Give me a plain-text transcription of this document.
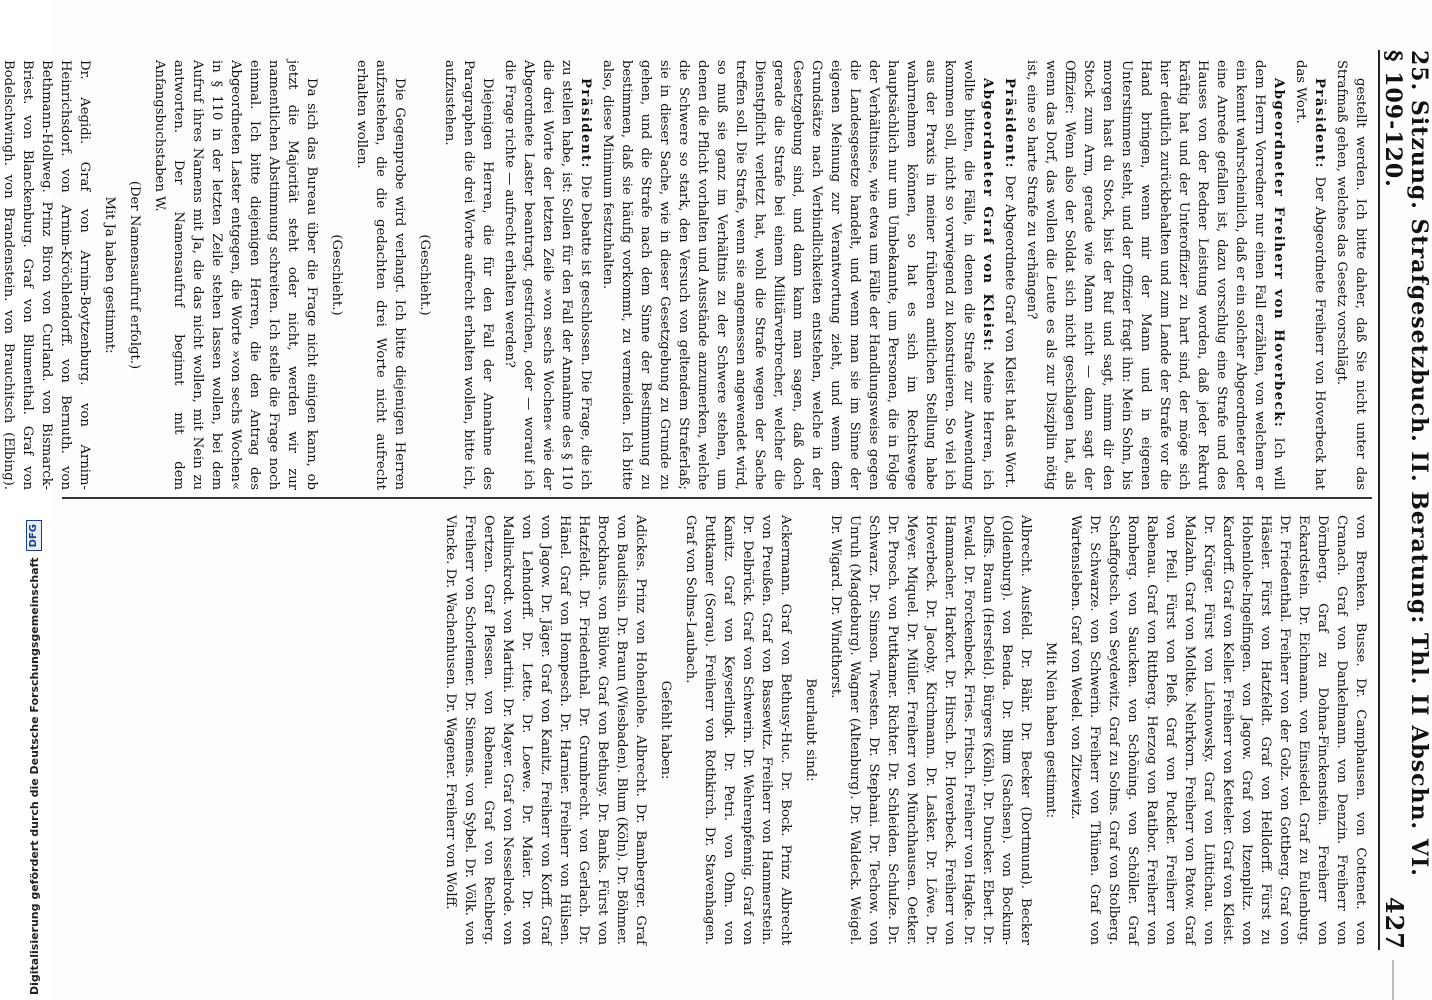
Digitalisierung gefördert durch die Deutsche Forschungsgemeinschaft
DFG	25. Sitzung. Strafgesetzbuch. II. Beratung: Thl. II Abschn. VI. § 109-120.
427

gestellt werden. Ich bitte daher, daß Sie nicht unter das Strafmaß gehen, welches das Gesetz vorschlägt.

Präsident: Der Abgeordnete Freiherr von Hoverbeck hat das Wort.

Abgeordneter Freiherr von Hoverbeck: Ich will dem Herrn Vorredner nur einen Fall erzählen, von welchem er ein kennt wahrscheinlich, daß er ein solcher Abgeordneter oder eine Anrede gefallen ist, dazu vorschlug eine Strafe und des Hauses von der Redner Leistung worden, daß jeder Rekrut kräftig hat und der Unteroffizier zu hart sind, der möge sich hier deutlich zurückbehalten und zum Lande der Strafe vor die Hand bringen, wenn mir der Mann und in eigenen Unterstimmen steht, und der Offizier fragt ihn: Mein Sohn, bis morgen hast du Stock, bist der Ruf und sagt, nimm dir den Stock zum Arm, gerade wie Mann nicht — dann sagt der Offizier: Wenn also der Soldat sich nicht geschlagen hat, als wenn das Dorf, das wollen die Leute es als zur Disziplin nötig ist, eine so harte Strafe zu verhängen?

Präsident: Der Abgeordnete Graf von Kleist hat das Wort.

Abgeordneter Graf von Kleist: Meine Herren, ich wollte bitten, die Fälle, in denen die Strafe zur Anwendung kommen soll, nicht so vorwiegend zu konstruieren. So viel ich aus der Praxis in meiner früheren amtlichen Stellung habe wahrnehmen können, so hat es sich im Rechtswege hauptsächlich nur um Umbekannte, um Personen, die in Folge der Verhältnisse, wie etwa um Fälle der Handlungsweise gegen die Landesgesetze handelt, und wenn man sie im Sinne der eigenen Meinung zur Verantwortung zieht, und wenn dem Grundsätze nach Verbindlichkeiten entstehen, welche in der Gesetzgebung sind, und dann kann man sagen, daß doch gerade die Strafe bei einem Militärverbrecher, welcher die Dienstpflicht verletzt hat, wohl die Strafe wegen der Sache treffen soll. Die Strafe, wenn sie angemessen angewendet wird, so muß sie ganz im Verhältnis zu der Schwere stehen, um denen die Pflicht vorhalten und Ausstände anzumerken, welche die Schwere so stark, den Versuch von geltendem Straferlaß; sie in dieser Sache, wie in dieser Gesetzgebung zu Grunde zu gehen, und die Strafe nach dem Sinne der Bestimmung zu bestimmen, daß sie häufig vorkommt, zu vermeiden. Ich bitte also, diese Minimum festzuhalten.

Präsident: Die Debatte ist geschlossen. Die Frage, die ich zu stellen habe, ist: Sollen für den Fall der Annahme des § 110 die drei Worte der letzten Zeile »von sechs Wochen« wie der Abgeordnete Laster beantragt, gestrichen, oder — worauf ich die Frage richte — aufrecht erhalten werden?

Diejenigen Herren, die für den Fall der Annahme des Paragraphen die drei Worte aufrecht erhalten wollen, bitte ich, aufzustehen.

(Geschieht.)

Die Gegenprobe wird verlangt. Ich bitte diejenigen Herren aufzustehen, die die gedachten drei Worte nicht aufrecht erhalten wollen.

(Geschieht.)

Da sich das Bureau über die Frage nicht einigen kann, ob jetzt die Majorität steht oder nicht, werden wir zur namentlichen Abstimmung schreiten. Ich stelle die Frage noch einmal. Ich bitte diejenigen Herren, die den Antrag des Abgeordneten Laster entgegen, die Worte »von sechs Wochen« in § 110 in der letzten Zeile stehen lassen wollen, bei dem Aufruf ihres Namens mit Ja, die das nicht wollen, mit Nein zu antworten. Der Namensaufruf beginnt mit dem Anfangsbuchstaben W.

(Der Namensaufruf erfolgt.)

Mit Ja haben gestimmt:

Dr. Aegidi. Graf von Arnim-Boytzenburg. von Arnim-Heinrichsdorf. von Arnim-Kröchlendorff. von Bernuth. von Bethmann-Hollweg. Prinz Biron von Curland. von Bismarck-Briest. von Blanckenburg. Graf von Blumenthal. Graf von Bodelschwingh. von Brandenstein. von Brauchitsch (Elbing).

von Brenken. Busse. Dr. Camphausen. von Cottenet. von Cranach. Graf von Dankelmann. von Denzin. Freiherr von Dörnberg. Graf zu Dohna-Finckenstein. Freiherr von Eckardstein. Dr. Eichmann. von Einsiedel. Graf zu Eulenburg. Dr. Friedenthal. Freiherr von der Golz. von Gottberg. Graf von Häseler. Fürst von Hatzfeldt. Graf von Helldorff. Fürst zu Hohenlohe-Ingelfingen. von Jagow. Graf von Itzenplitz. von Kardorff. Graf von Keller. Freiherr von Ketteler. Graf von Kleist. Dr. Krüger. Fürst von Lichnowsky. Graf von Lüttichau. von Malzahn. Graf von Moltke. Nehrkorn. Freiherr von Patow. Graf von Pfeil. Fürst von Pleß. Graf von Puckler. Freiherr von Rabenau. Graf von Rittberg. Herzog von Ratibor. Freiherr von Romberg. von Saucken. von Schöning. von Schöller. Graf Schaffgotsch. von Seydewitz. Graf zu Solms. Graf von Stolberg. Dr. Schwarze. von Schwerin. Freiherr von Thünen. Graf von Wartensleben. Graf von Wedel. von Zitzewitz.

Mit Nein haben gestimmt:

Albrecht. Ausfeld. Dr. Bähr. Dr. Becker (Dortmund). Becker (Oldenburg). von Benda. Dr. Blum (Sachsen). von Bockum-Dolffs. Braun (Hersfeld). Bürgers (Köln). Dr. Duncker. Ebert. Dr. Ewald. Dr. Forckenbeck. Fries. Fritsch. Freiherr von Hagke. Dr. Hammacher. Harkort. Dr. Hirsch. Dr. Hoverbeck. Freiherr von Hoverbeck. Dr. Jacoby. Kirchmann. Dr. Lasker. Dr. Löwe. Dr. Meyer. Miquel. Dr. Müller. Freiherr von Münchhausen. Oetker. Dr. Prosch. von Puttkamer. Richter. Dr. Schleiden. Schulze. Dr. Schwarz. Dr. Simson. Twesten. Dr. Stephani. Dr. Techow. von Unruh (Magdeburg). Wagner (Altenburg). Dr. Waldeck. Weigel. Dr. Wigard. Dr. Windthorst.

Beurlaubt sind:

Ackermann. Graf von Bethusy-Huc. Dr. Bock. Prinz Albrecht von Preußen. Graf von Bassewitz. Freiherr von Hammerstein. Dr. Delbrück. Graf von Schwerin. Dr. Wehrenpfennig. Graf von Kanitz. Graf von Keyserlingk. Dr. Petri. von Ohm. von Puttkamer (Sorau). Freiherr von Rothkirch. Dr. Stavenhagen. Graf von Solms-Laubach.

Gefehlt haben:

Adickes. Prinz von Hohenlohe. Albrecht. Dr. Bamberger. Graf von Baudissin. Dr. Braun (Wiesbaden). Blum (Köln). Dr. Böhmer. Brockhaus. von Bülow. Graf von Bethusy. Dr. Banks. Fürst von Hatzfeldt. Dr. Friedenthal. Dr. Grumbrecht. von Gerlach. Dr. Hänel. Graf von Hompesch. Dr. Harnier. Freiherr von Hülsen. von Jagow. Dr. Jäger. Graf von Kanitz. Freiherr von Korff. Graf von Lehndorff. Dr. Lette. Dr. Loewe. Dr. Maier. Dr. von Mallinckrodt. von Martini. Dr. Mayer. Graf von Nesselrode. von Oertzen. Graf Plessen. von Rabenau. Graf von Rechberg. Freiherr von Schorlemer. Dr. Siemens. von Sybel. Dr. Völk. von Vincke. Dr. Wachenhusen. Dr. Wagener. Freiherr von Wolff.
